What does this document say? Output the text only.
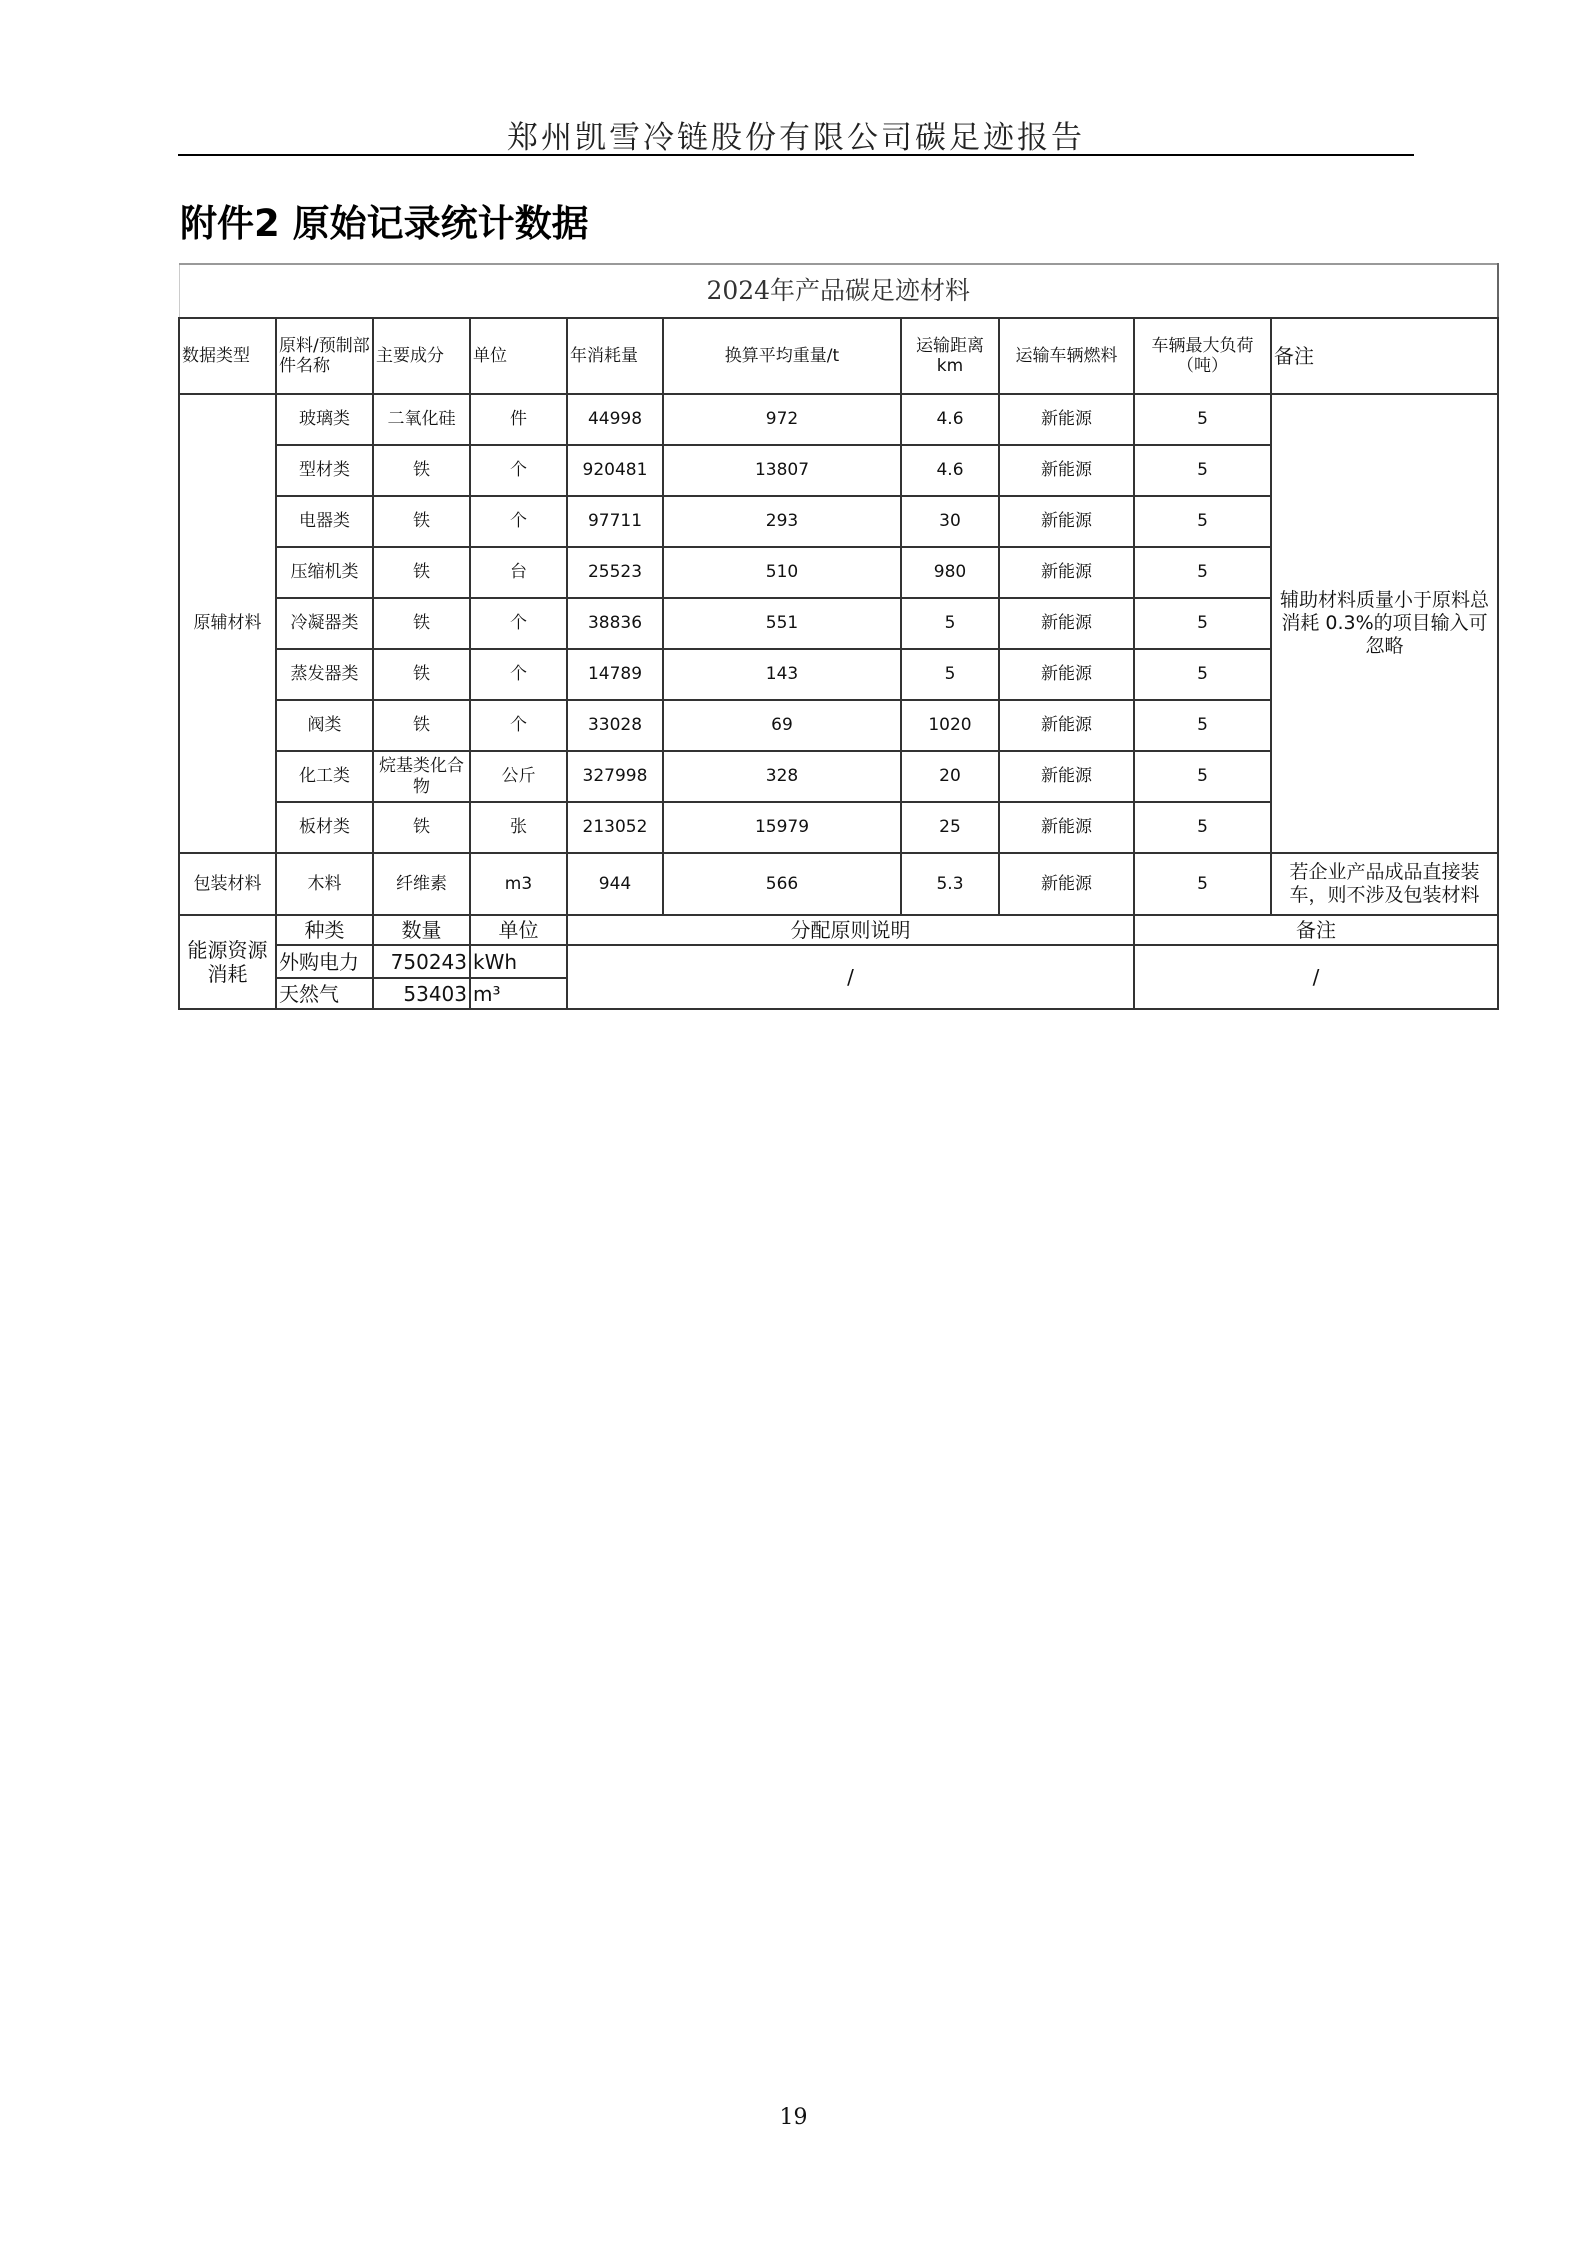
郑州凯雪冷链股份有限公司碳足迹报告
附件2 原始记录统计数据
2024年产品碳足迹材料									
数据类型	原料/预制部件名称	主要成分	单位	年消耗量	换算平均重量/t	运输距离km	运输车辆燃料	车辆最大负荷（吨）	备注
原辅材料	玻璃类	二氧化硅	件	44998	972	4.6	新能源	5	辅助材料质量小于原料总消耗 0.3%的项目输入可忽略
	型材类	铁	个	920481	13807	4.6	新能源	5	
	电器类	铁	个	97711	293	30	新能源	5	
	压缩机类	铁	台	25523	510	980	新能源	5	
	冷凝器类	铁	个	38836	551	5	新能源	5	
	蒸发器类	铁	个	14789	143	5	新能源	5	
	阀类	铁	个	33028	69	1020	新能源	5	
	化工类	烷基类化合物	公斤	327998	328	20	新能源	5	
	板材类	铁	张	213052	15979	25	新能源	5	
包装材料	木料	纤维素	m3	944	566	5.3	新能源	5	若企业产品成品直接装车，则不涉及包装材料
能源资源消耗	种类	数量	单位	分配原则说明				备注	
	外购电力	750243	kWh	/				/	
	天然气	53403	m³						
19
